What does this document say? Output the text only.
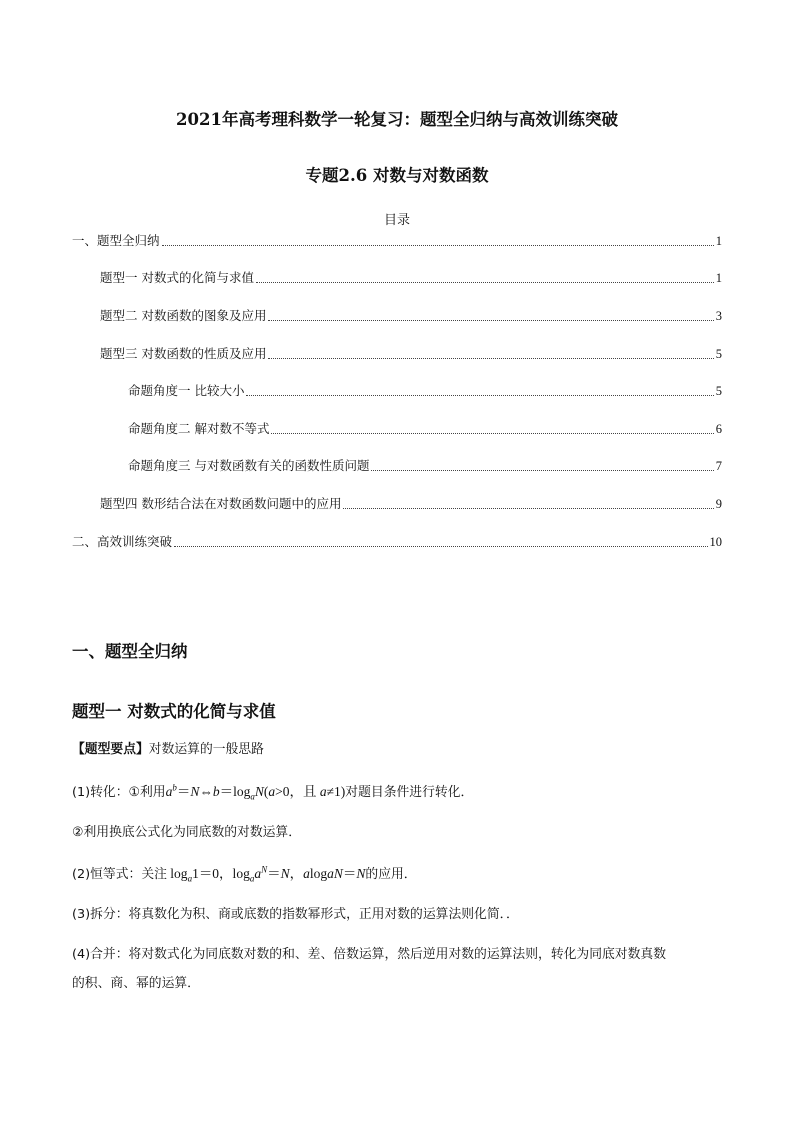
2021年高考理科数学一轮复习：题型全归纳与高效训练突破
专题2.6 对数与对数函数
目录
一、题型全归纳	1
题型一 对数式的化简与求值	1
题型二 对数函数的图象及应用	3
题型三 对数函数的性质及应用	5
命题角度一 比较大小	5
命题角度二 解对数不等式	6
命题角度三 与对数函数有关的函数性质问题	7
题型四 数形结合法在对数函数问题中的应用	9
二、高效训练突破	10
一、题型全归纳
题型一 对数式的化简与求值
【题型要点】对数运算的一般思路
(1)转化：①利用$a^b=N\Leftrightarrow b=\log_aN(a>0$，且 a≠1)对题目条件进行转化．
②利用换底公式化为同底数的对数运算．
(2)恒等式：关注 $\log_a1=0$，$\log_aa^N=N$，alogaN＝N的应用．
(3)拆分：将真数化为积、商或底数的指数幂形式，正用对数的运算法则化简．．
(4)合并：将对数式化为同底数对数的和、差、倍数运算，然后逆用对数的运算法则，转化为同底对数真数
的积、商、幂的运算．
